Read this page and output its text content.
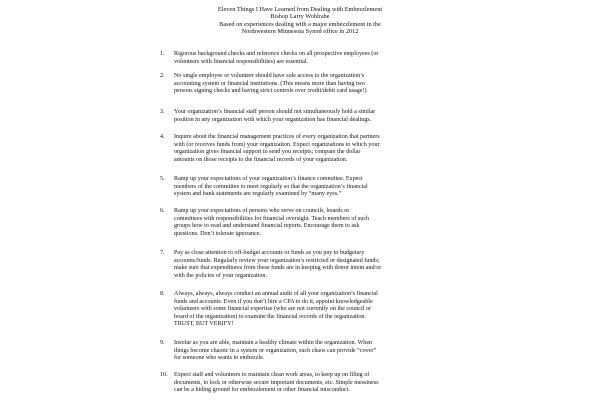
Eleven Things I Have Learned from Dealing with Embezzlement
Bishop Larry Wohlrabe
Based on experiences dealing with a major embezzlement in the
Northwestern Minnesota Synod office in 2012
1.	Rigorous background checks and reference checks on all prospective employees (or
volunteers with financial responsibilities) are essential.
2.	No single employee or volunteer should have sole access to the organization’s
accounting system or financial institutions. (This means more than having two
persons signing checks and having strict controls over credit/debit card usage!)
3.	Your organization’s financial staff person should not simultaneously hold a similar
position in any organization with which your organization has financial dealings.
4.	Inquire about the financial management practices of every organization that partners
with (or receives funds from) your organization. Expect organizations to which your
organization gives financial support to send you receipts; compare the dollar
amounts on those receipts to the financial records of your organization.
5.	Ramp up your expectations of your organization’s finance committee. Expect
members of the committee to meet regularly so that the organization’s financial
system and bank statements are regularly examined by “many eyes.”
6.	Ramp up your expectations of persons who serve on councils, boards or
committees with responsibilities for financial oversight. Teach members of such
groups how to read and understand financial reports. Encourage them to ask
questions. Don’t tolerate ignorance.
7.	Pay as close attention to off-budget accounts or funds as you pay to budgetary
accounts/funds. Regularly review your organization’s restricted or designated funds;
make sure that expenditures from these funds are in keeping with donor intent and/or
with the policies of your organization.
8.	Always, always, always conduct an annual audit of all your organization’s financial
funds and accounts. Even if you don’t hire a CPA to do it, appoint knowledgeable
volunteers with some financial expertise (who are not currently on the council or
board of the organization) to examine the financial records of the organization.
TRUST, BUT VERIFY!
9.	Insofar as you are able, maintain a healthy climate within the organization. When
things become chaotic in a system or organization, such chaos can provide “cover”
for someone who wants to embezzle.
10.	Expect staff and volunteers to maintain clean work areas, to keep up on filing of
documents, to lock or otherwise secure important documents, etc. Simple messiness
can be a hiding ground for embezzlement or other financial misconduct.
